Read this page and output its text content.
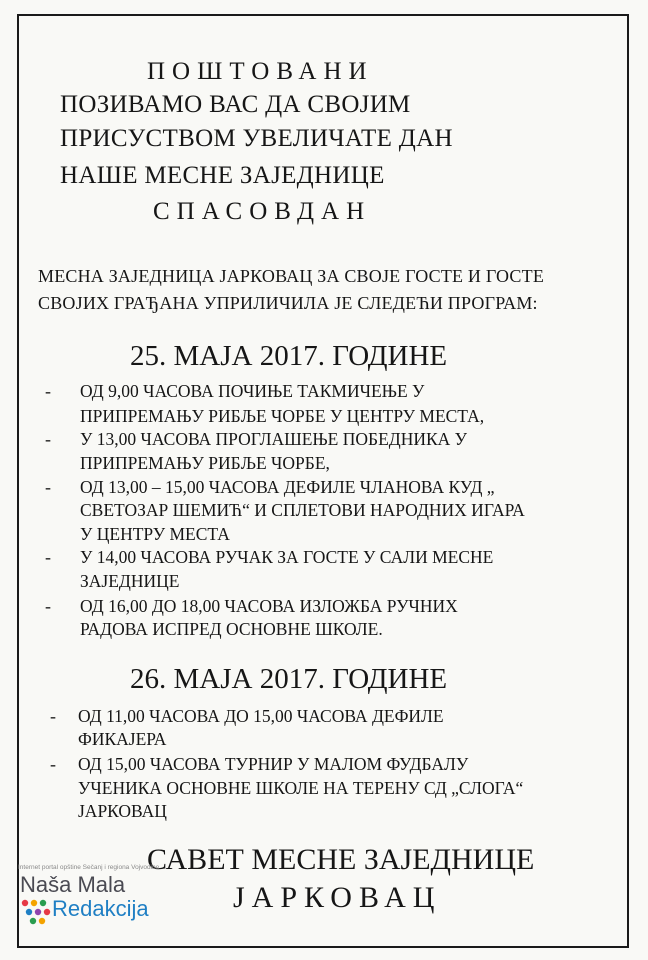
ПОШТОВАНИ
ПОЗИВАМО ВАС ДА СВОЈИМ
ПРИСУСТВОМ УВЕЛИЧАТЕ ДАН
НАШЕ МЕСНЕ ЗАЈЕДНИЦЕ
СПАСОВДАН
МЕСНА ЗАЈЕДНИЦА ЈАРКОВАЦ ЗА СВОЈЕ ГОСТЕ И ГОСТЕ
СВОЈИХ ГРАЂАНА УПРИЛИЧИЛА ЈЕ СЛЕДЕЋИ ПРОГРАМ:
25. МАЈА 2017. ГОДИНЕ
- ОД 9,00 ЧАСОВА ПОЧИЊЕ ТАКМИЧЕЊЕ У
ПРИПРЕМАЊУ РИБЉЕ ЧОРБЕ У ЦЕНТРУ МЕСТА,
- У 13,00 ЧАСОВА ПРОГЛАШЕЊЕ ПОБЕДНИКА У
ПРИПРЕМАЊУ РИБЉЕ ЧОРБЕ,
- ОД 13,00 – 15,00 ЧАСОВА ДЕФИЛЕ ЧЛАНОВА КУД „
СВЕТОЗАР ШЕМИЋ“ И СПЛЕТОВИ НАРОДНИХ ИГАРА
У ЦЕНТРУ МЕСТА
- У 14,00 ЧАСОВА РУЧАК ЗА ГОСТЕ У САЛИ МЕСНЕ
ЗАЈЕДНИЦЕ
- ОД 16,00 ДО 18,00 ЧАСОВА ИЗЛОЖБА РУЧНИХ
РАДОВА ИСПРЕД ОСНОВНЕ ШКОЛЕ.
26. МАЈА 2017. ГОДИНЕ
- ОД 11,00 ЧАСОВА ДО 15,00 ЧАСОВА ДЕФИЛЕ
ФИКАЈЕРА
- ОД 15,00 ЧАСОВА ТУРНИР У МАЛОМ ФУДБАЛУ
УЧЕНИКА ОСНОВНЕ ШКОЛЕ НА ТЕРЕНУ СД „СЛОГА“
ЈАРКОВАЦ
САВЕТ МЕСНЕ ЗАЈЕДНИЦЕ
ЈАРКОВАЦ
Internet portal opštine Sečanj i regiona Vojvodine
Naša Mala
Redakcija
